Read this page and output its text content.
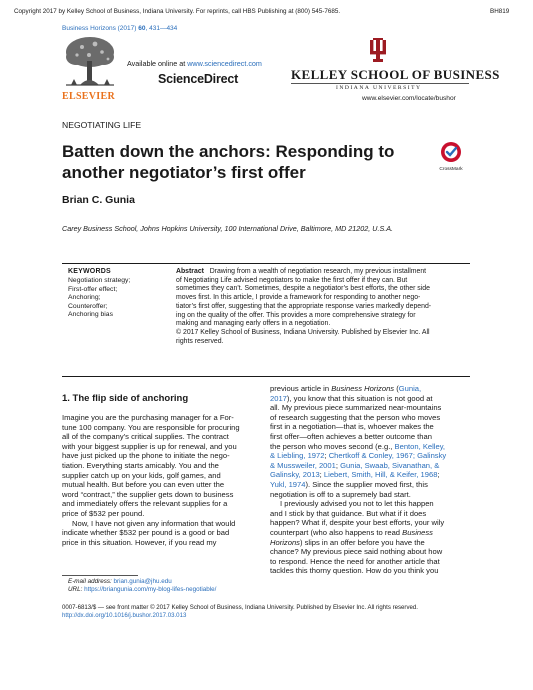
Copyright 2017 by Kelley School of Business, Indiana University. For reprints, call HBS Publishing at (800) 545-7685.	BH819
Business Horizons (2017) 60, 431—434
ELSEVIER
Available online at www.sciencedirect.com
ScienceDirect	KELLEY SCHOOL OF BUSINESS
INDIANA UNIVERSITY
www.elsevier.com/locate/bushor
NEGOTIATING LIFE
Batten down the anchors: Responding to
another negotiator’s first offer	CrossMark
Brian C. Gunia
Carey Business School, Johns Hopkins University, 100 International Drive, Baltimore, MD 21202, U.S.A.
KEYWORDS
Negotiation strategy;
First-offer effect;
Anchoring;
Counteroffer;
Anchoring bias
Abstract Drawing from a wealth of negotiation research, my previous installment
of Negotiating Life advised negotiators to make the first offer if they can. But
sometimes they can’t. Sometimes, despite a negotiator’s best efforts, the other side
moves first. In this article, I provide a framework for responding to another nego-
tiator’s first offer, suggesting that the appropriate response varies markedly depend-
ing on the quality of the offer. This provides a more comprehensive strategy for
making and managing early offers in a negotiation.
© 2017 Kelley School of Business, Indiana University. Published by Elsevier Inc. All
rights reserved.
1. The flip side of anchoring
Imagine you are the purchasing manager for a For-
tune 100 company. You are responsible for procuring
all of the company’s critical supplies. The contract
with your biggest supplier is up for renewal, and you
have just picked up the phone to initiate the nego-
tiation. Everything starts amicably. You and the
supplier catch up on your kids, golf games, and
mutual health. But before you can even utter the
word “contract,” the supplier gets down to business
and immediately offers the relevant supplies for a
price of $532 per pound.
Now, I have not given any information that would
indicate whether $532 per pound is a good or bad
price in this situation. However, if you read my
previous article in Business Horizons (Gunia,
2017), you know that this situation is not good at
all. My previous piece summarized near-mountains
of research suggesting that the person who moves
first in a negotiation—that is, whoever makes the
first offer—often achieves a better outcome than
the person who moves second (e.g., Benton, Kelley,
& Liebling, 1972; Chertkoff & Conley, 1967; Galinsky
& Mussweiler, 2001; Gunia, Swaab, Sivanathan, &
Galinsky, 2013; Liebert, Smith, Hill, & Keifer, 1968;
Yukl, 1974). Since the supplier moved first, this
negotiation is off to a supremely bad start.
I previously advised you not to let this happen
and I stick by that guidance. But what if it does
happen? What if, despite your best efforts, your wily
counterpart (who also happens to read Business
Horizons) slips in an offer before you have the
chance? My previous piece said nothing about how
to respond. Hence the need for another article that
tackles this thorny question. How do you think you
E-mail address: brian.gunia@jhu.edu
URL: https://briangunia.com/my-blog-lifes-negotiable/
0007-6813/$ — see front matter © 2017 Kelley School of Business, Indiana University. Published by Elsevier Inc. All rights reserved.
http://dx.doi.org/10.1016/j.bushor.2017.03.013
